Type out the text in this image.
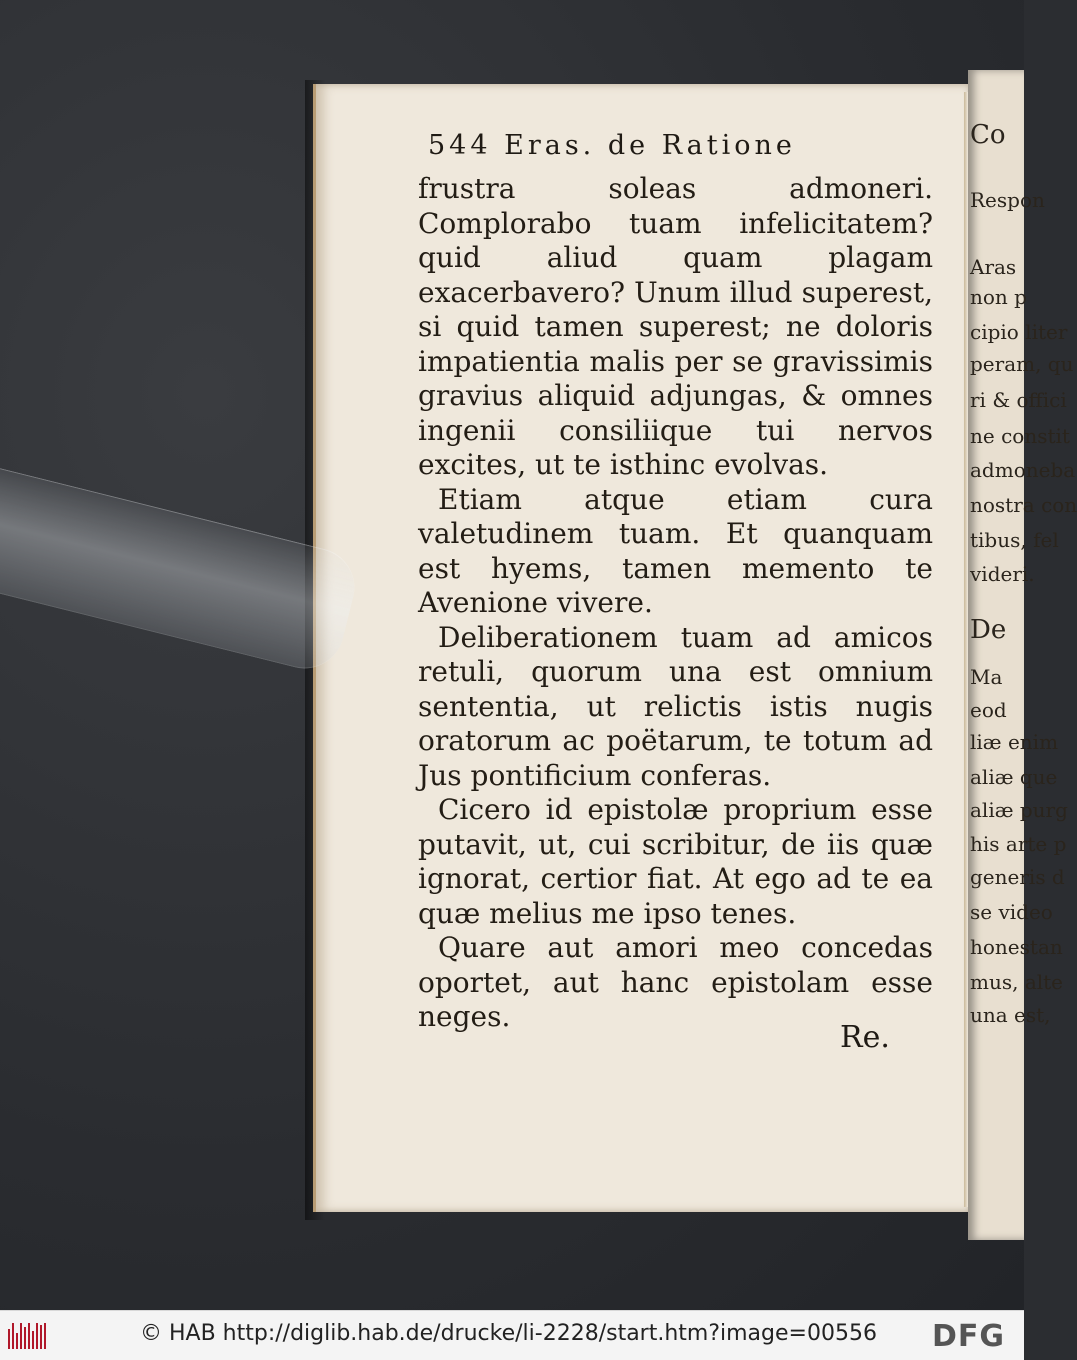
Co
Respon
Aras
non p
cipio liter
peram, qu
ri & offici
ne constit
admoneba
nostra con
tibus, fel
videri.
De
Ma
eod
liæ enim
aliæ que
aliæ purg
his arte p
generis d
se video
honestan
mus, alte
una est,
544 Eras. de Ratione

frustra soleas admoneri. Complorabo tuam infelicitatem? quid aliud quam plagam exacerbavero? Unum illud superest, si quid tamen superest; ne doloris impatientia malis per se gravissimis gravius aliquid adjungas, & omnes ingenii consiliique tui nervos excites, ut te isthinc evolvas.

Etiam atque etiam cura valetudinem tuam. Et quanquam est hyems, tamen memento te Avenione vivere.

Deliberationem tuam ad amicos retuli, quorum una est omnium sententia, ut relictis istis nugis oratorum ac poëtarum, te totum ad Jus pontificium conferas.

Cicero id epistolæ proprium esse putavit, ut, cui scribitur, de iis quæ ignorat, certior fiat. At ego ad te ea quæ melius me ipso tenes.

Quare aut amori meo concedas oportet, aut hanc epistolam esse neges.

Re.
© HAB http://diglib.hab.de/drucke/li-2228/start.htm?image=00556 DFG
